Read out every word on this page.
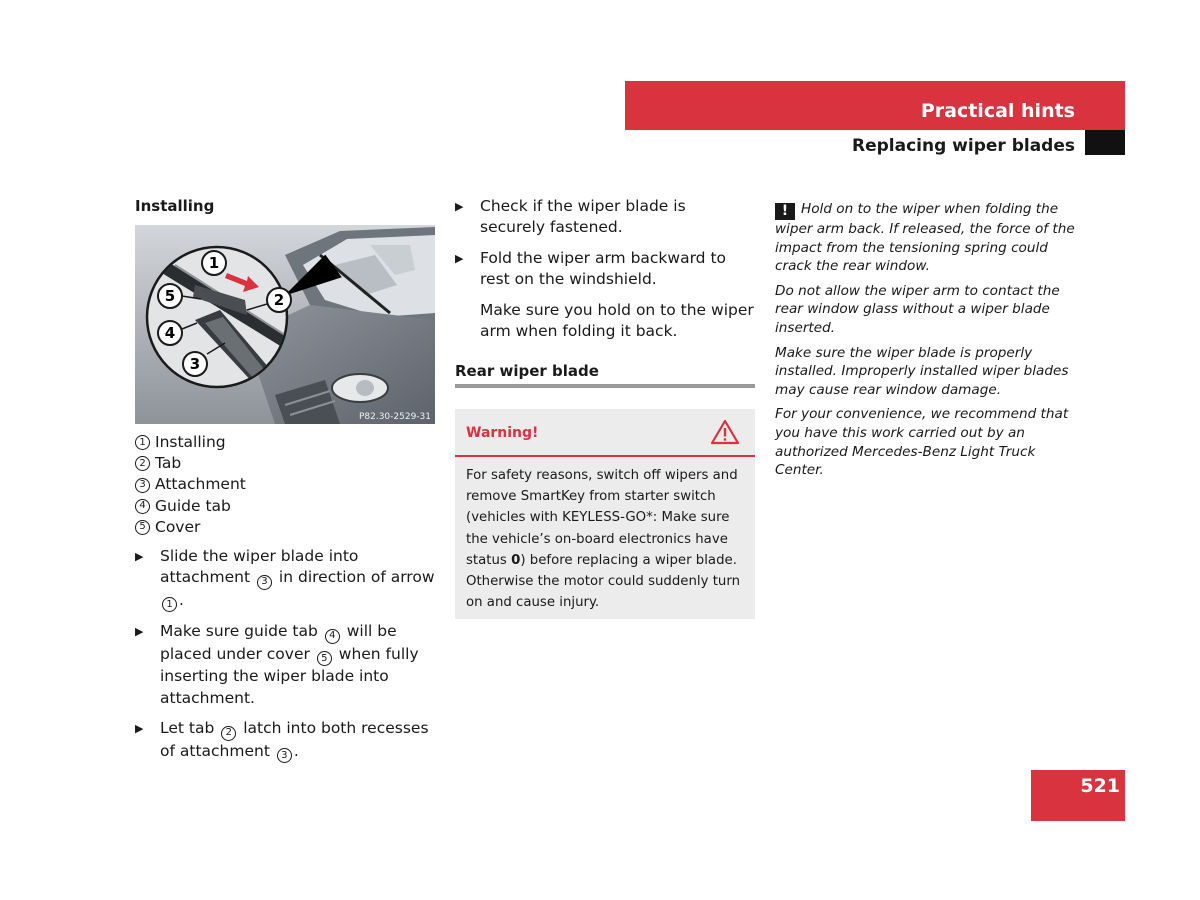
Practical hints
Replacing wiper blades
Installing
1
2
3
4
5
P82.30-2529-31
1 Installing
2 Tab
3 Attachment
4 Guide tab
5 Cover
▶ Slide the wiper blade into attachment 3 in direction of arrow 1 .
▶ Make sure guide tab 4 will be placed under cover 5 when fully inserting the wiper blade into attachment.
▶ Let tab 2 latch into both recesses of attachment 3 .
▶ Check if the wiper blade is securely fastened.
▶ Fold the wiper arm backward to rest on the windshield.
Make sure you hold on to the wiper arm when folding it back.
Rear wiper blade
Warning!
For safety reasons, switch off wipers and remove SmartKey from starter switch (vehicles with KEYLESS-GO*: Make sure the vehicle’s on-board electronics have status 0) before replacing a wiper blade. Otherwise the motor could suddenly turn on and cause injury.

! Hold on to the wiper when folding the wiper arm back. If released, the force of the impact from the tensioning spring could crack the rear window.

Do not allow the wiper arm to contact the rear window glass without a wiper blade inserted.

Make sure the wiper blade is properly installed. Improperly installed wiper blades may cause rear window damage.

For your convenience, we recommend that you have this work carried out by an authorized Mercedes-Benz Light Truck Center.

521
